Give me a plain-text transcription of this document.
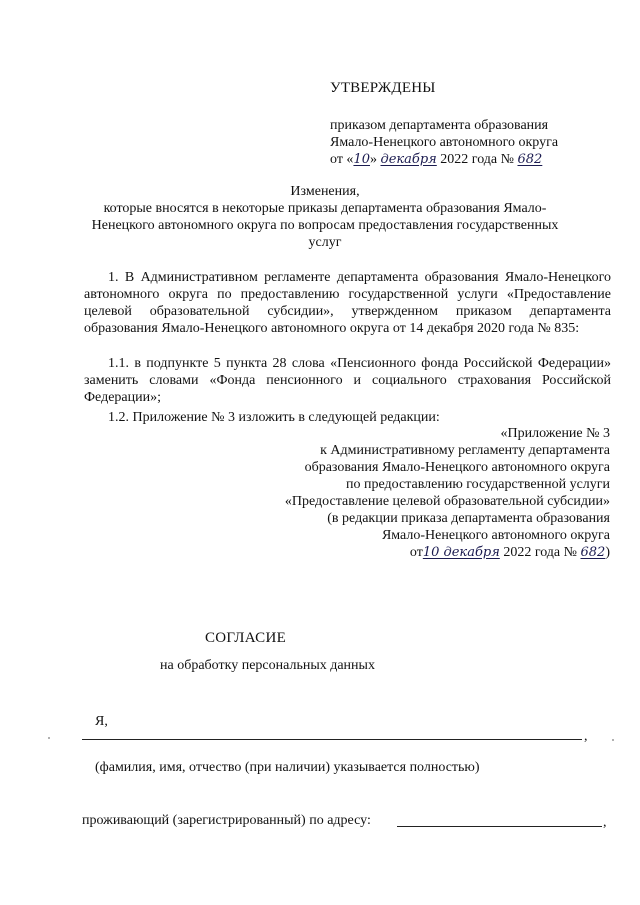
УТВЕРЖДЕНЫ
приказом департамента образования
Ямало-Ненецкого автономного округа
от «10» декабря 2022 года № 682
Изменения,
которые вносятся в некоторые приказы департамента образования Ямало-
Ненецкого автономного округа по вопросам предоставления государственных
услуг

1. В Административном регламенте департамента образования Ямало-Ненецкого автономного округа по предоставлению государственной услуги «Предоставление целевой образовательной субсидии», утвержденном приказом департамента образования Ямало-Ненецкого автономного округа от 14 декабря 2020 года № 835:

1.1. в подпункте 5 пункта 28 слова «Пенсионного фонда Российской Федерации» заменить словами «Фонда пенсионного и социального страхования Российской Федерации»;

1.2. Приложение № 3 изложить в следующей редакции:

«Приложение № 3
к Административному регламенту департамента
образования Ямало-Ненецкого автономного округа
по предоставлению государственной услуги
«Предоставление целевой образовательной субсидии»
(в редакции приказа департамента образования
Ямало-Ненецкого автономного округа
от10 декабря 2022 года № 682)
СОГЛАСИЕ
на обработку персональных данных
Я,
,
(фамилия, имя, отчество (при наличии) указывается полностью)
проживающий (зарегистрированный) по адресу:	,
